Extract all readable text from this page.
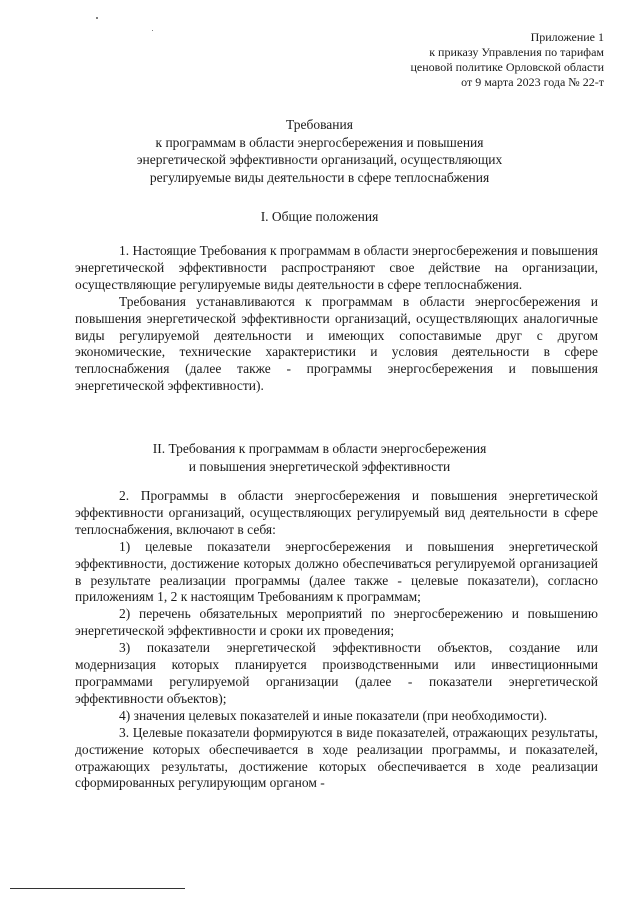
Приложение 1
к приказу Управления по тарифам
ценовой политике Орловской области
от 9 марта 2023 года № 22-т
Требования
к программам в области энергосбережения и повышения
энергетической эффективности организаций, осуществляющих
регулируемые виды деятельности в сфере теплоснабжения
I. Общие положения

1. Настоящие Требования к программам в области энергосбережения и повышения энергетической эффективности распространяют свое действие на организации, осуществляющие регулируемые виды деятельности в сфере теплоснабжения.

Требования устанавливаются к программам в области энергосбережения и повышения энергетической эффективности организаций, осуществляющих аналогичные виды регулируемой деятельности и имеющих сопоставимые друг с другом экономические, технические характеристики и условия деятельности в сфере теплоснабжения (далее также - программы энергосбережения и повышения энергетической эффективности).

II. Требования к программам в области энергосбережения
и повышения энергетической эффективности

2. Программы в области энергосбережения и повышения энергетической эффективности организаций, осуществляющих регулируемый вид деятельности в сфере теплоснабжения, включают в себя:

1) целевые показатели энергосбережения и повышения энергетической эффективности, достижение которых должно обеспечиваться регулируемой организацией в результате реализации программы (далее также - целевые показатели), согласно приложениям 1, 2 к настоящим Требованиям к программам;

2) перечень обязательных мероприятий по энергосбережению и повышению энергетической эффективности и сроки их проведения;

3) показатели энергетической эффективности объектов, создание или модернизация которых планируется производственными или инвестиционными программами регулируемой организации (далее - показатели энергетической эффективности объектов);

4) значения целевых показателей и иные показатели (при необходимости).

3. Целевые показатели формируются в виде показателей, отражающих результаты, достижение которых обеспечивается в ходе реализации программы, и показателей, отражающих результаты, достижение которых обеспечивается в ходе реализации сформированных регулирующим органом -
